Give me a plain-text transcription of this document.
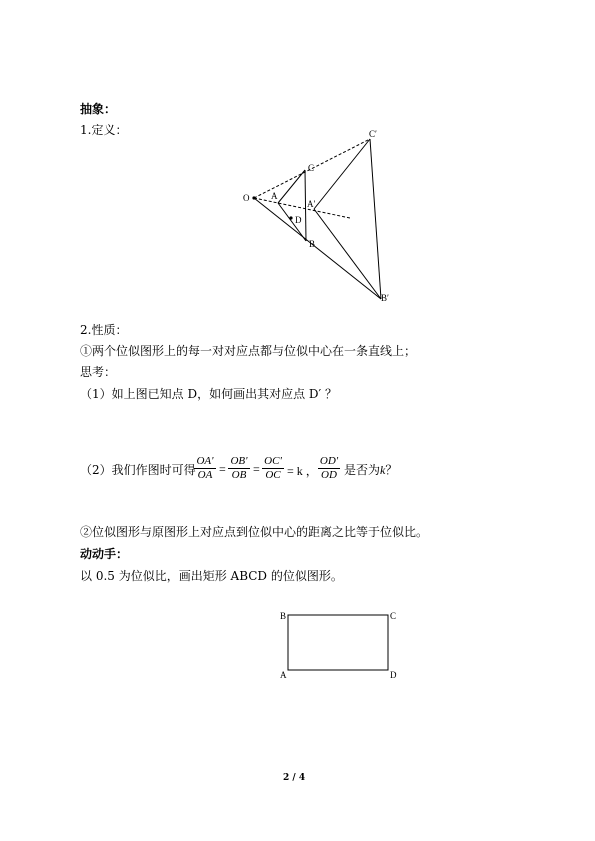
抽象：
1.定义：
O A
D
C
A′
B
C′
B′
B	C
A	D
2.性质：
①两个位似图形上的每一对对应点都与位似中心在一条直线上；
思考：
（1）如上图已知点 D，如何画出其对应点 D′ ？
（2）我们作图时可得
$\frac{OA'}{OA} = \frac{OB'}{OB} = \frac{OC'}{OC} = k$ ， $\frac{OD'}{OD}$ 是否为k？
②位似图形与原图形上对应点到位似中心的距离之比等于位似比。
动动手：
以 0.5 为位似比，画出矩形 ABCD 的位似图形。
2 / 4
